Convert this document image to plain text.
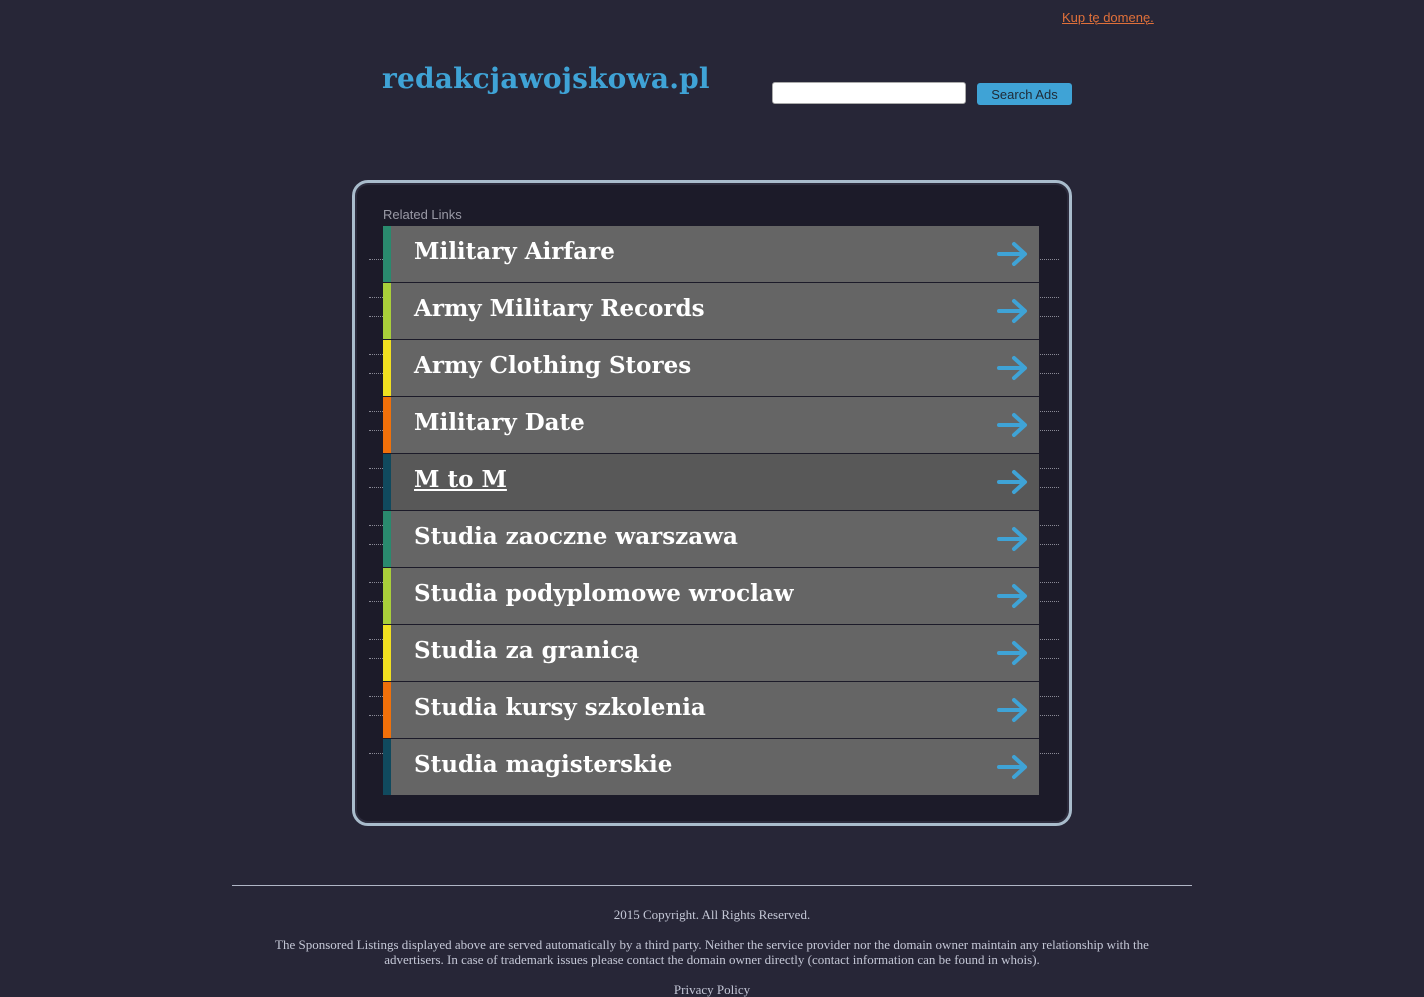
Kup tę domenę.
redakcjawojskowa.pl	Search Ads
Related Links
Military Airfare
Army Military Records
Army Clothing Stores
Military Date
M to M
Studia zaoczne warszawa
Studia podyplomowe wroclaw
Studia za granicą
Studia kursy szkolenia
Studia magisterskie
2015 Copyright. All Rights Reserved.
The Sponsored Listings displayed above are served automatically by a third party. Neither the service provider nor the domain owner maintain any relationship with the advertisers. In case of trademark issues please contact the domain owner directly (contact information can be found in whois).
Privacy Policy
